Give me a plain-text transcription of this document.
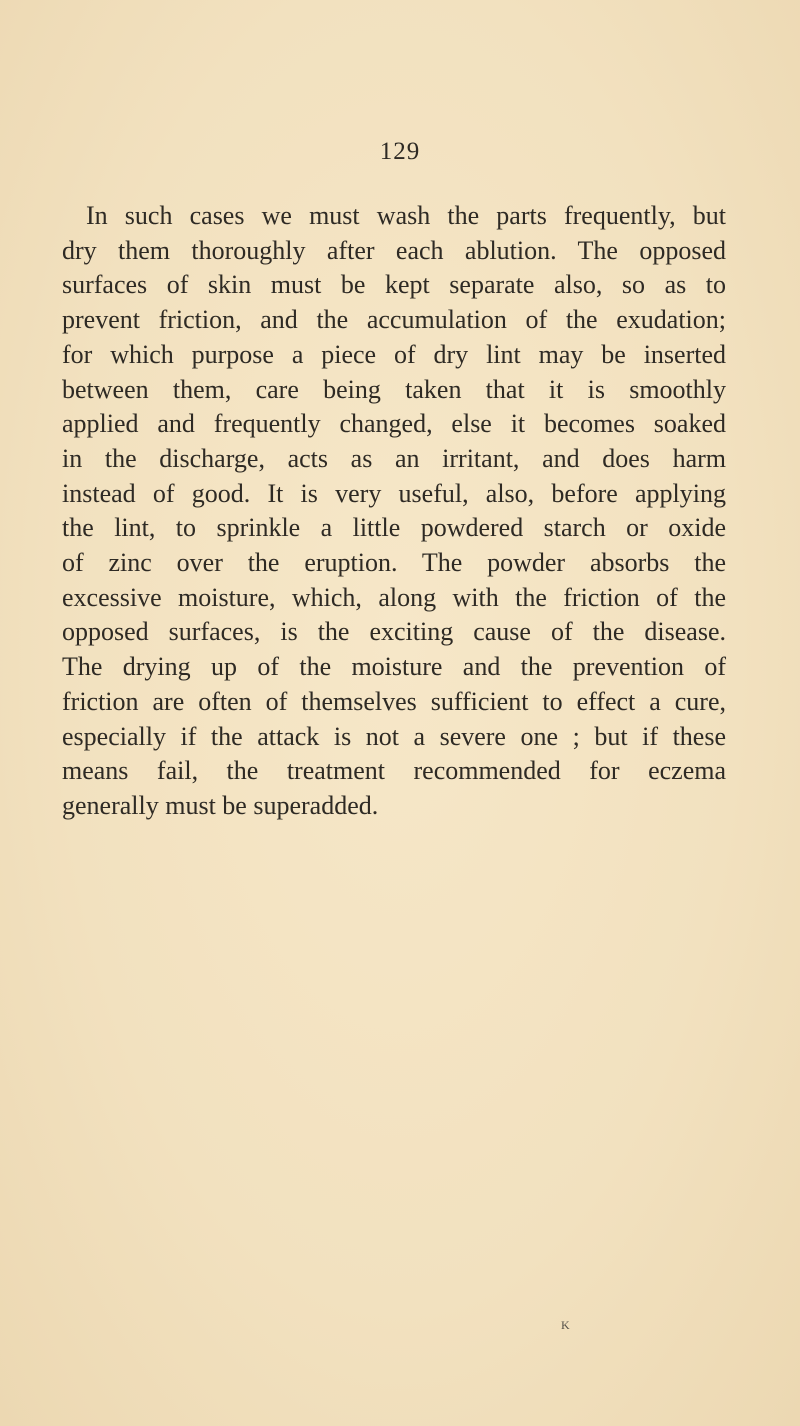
129
In such cases we must wash the parts frequently, but
dry them thoroughly after each ablution. The opposed
surfaces of skin must be kept separate also, so as to
prevent friction, and the accumulation of the exudation;
for which purpose a piece of dry lint may be inserted
between them, care being taken that it is smoothly
applied and frequently changed, else it becomes soaked
in the discharge, acts as an irritant, and does harm
instead of good. It is very useful, also, before applying
the lint, to sprinkle a little powdered starch or oxide
of zinc over the eruption. The powder absorbs the
excessive moisture, which, along with the friction of the
opposed surfaces, is the exciting cause of the disease.
The drying up of the moisture and the prevention of
friction are often of themselves sufficient to effect a cure,
especially if the attack is not a severe one ; but if these
means fail, the treatment recommended for eczema
generally must be superadded.
K
